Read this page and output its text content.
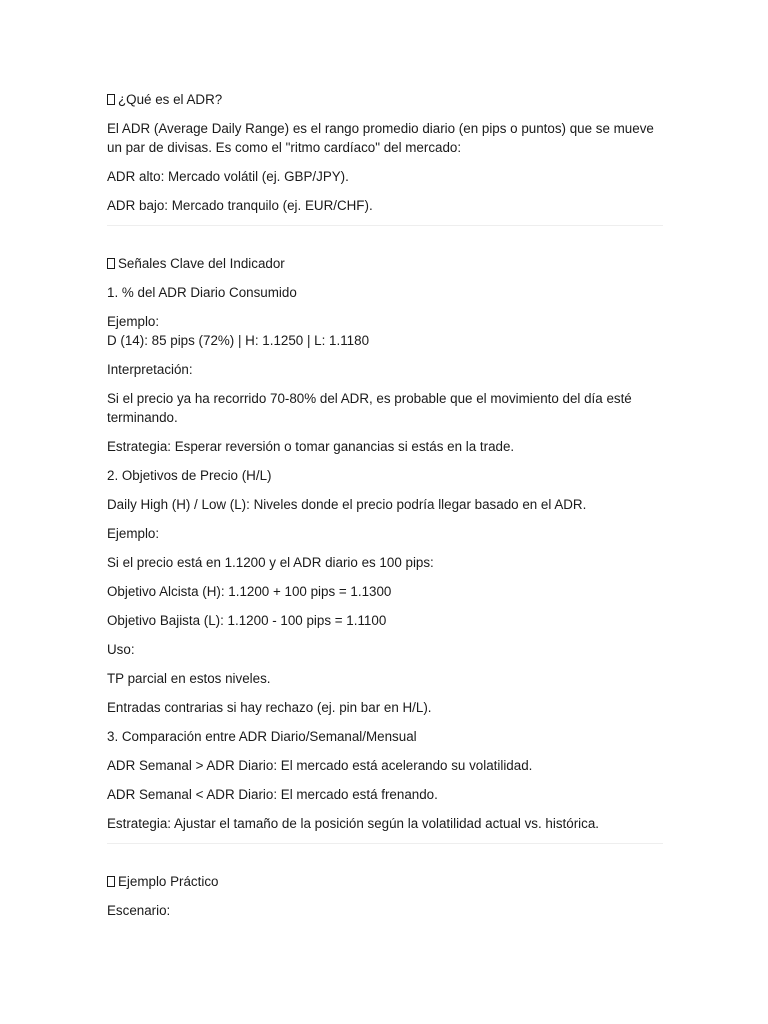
¿Qué es el ADR?

El ADR (Average Daily Range) es el rango promedio diario (en pips o puntos) que se mueve un par de divisas. Es como el "ritmo cardíaco" del mercado:

ADR alto: Mercado volátil (ej. GBP/JPY).

ADR bajo: Mercado tranquilo (ej. EUR/CHF).

Señales Clave del Indicador

1. % del ADR Diario Consumido

Ejemplo:

D (14): 85 pips (72%) | H: 1.1250 | L: 1.1180

Interpretación:

Si el precio ya ha recorrido 70-80% del ADR, es probable que el movimiento del día esté terminando.

Estrategia: Esperar reversión o tomar ganancias si estás en la trade.

2. Objetivos de Precio (H/L)

Daily High (H) / Low (L): Niveles donde el precio podría llegar basado en el ADR.

Ejemplo:

Si el precio está en 1.1200 y el ADR diario es 100 pips:

Objetivo Alcista (H): 1.1200 + 100 pips = 1.1300

Objetivo Bajista (L): 1.1200 - 100 pips = 1.1100

Uso:

TP parcial en estos niveles.

Entradas contrarias si hay rechazo (ej. pin bar en H/L).

3. Comparación entre ADR Diario/Semanal/Mensual

ADR Semanal > ADR Diario: El mercado está acelerando su volatilidad.

ADR Semanal < ADR Diario: El mercado está frenando.

Estrategia: Ajustar el tamaño de la posición según la volatilidad actual vs. histórica.

Ejemplo Práctico

Escenario:
